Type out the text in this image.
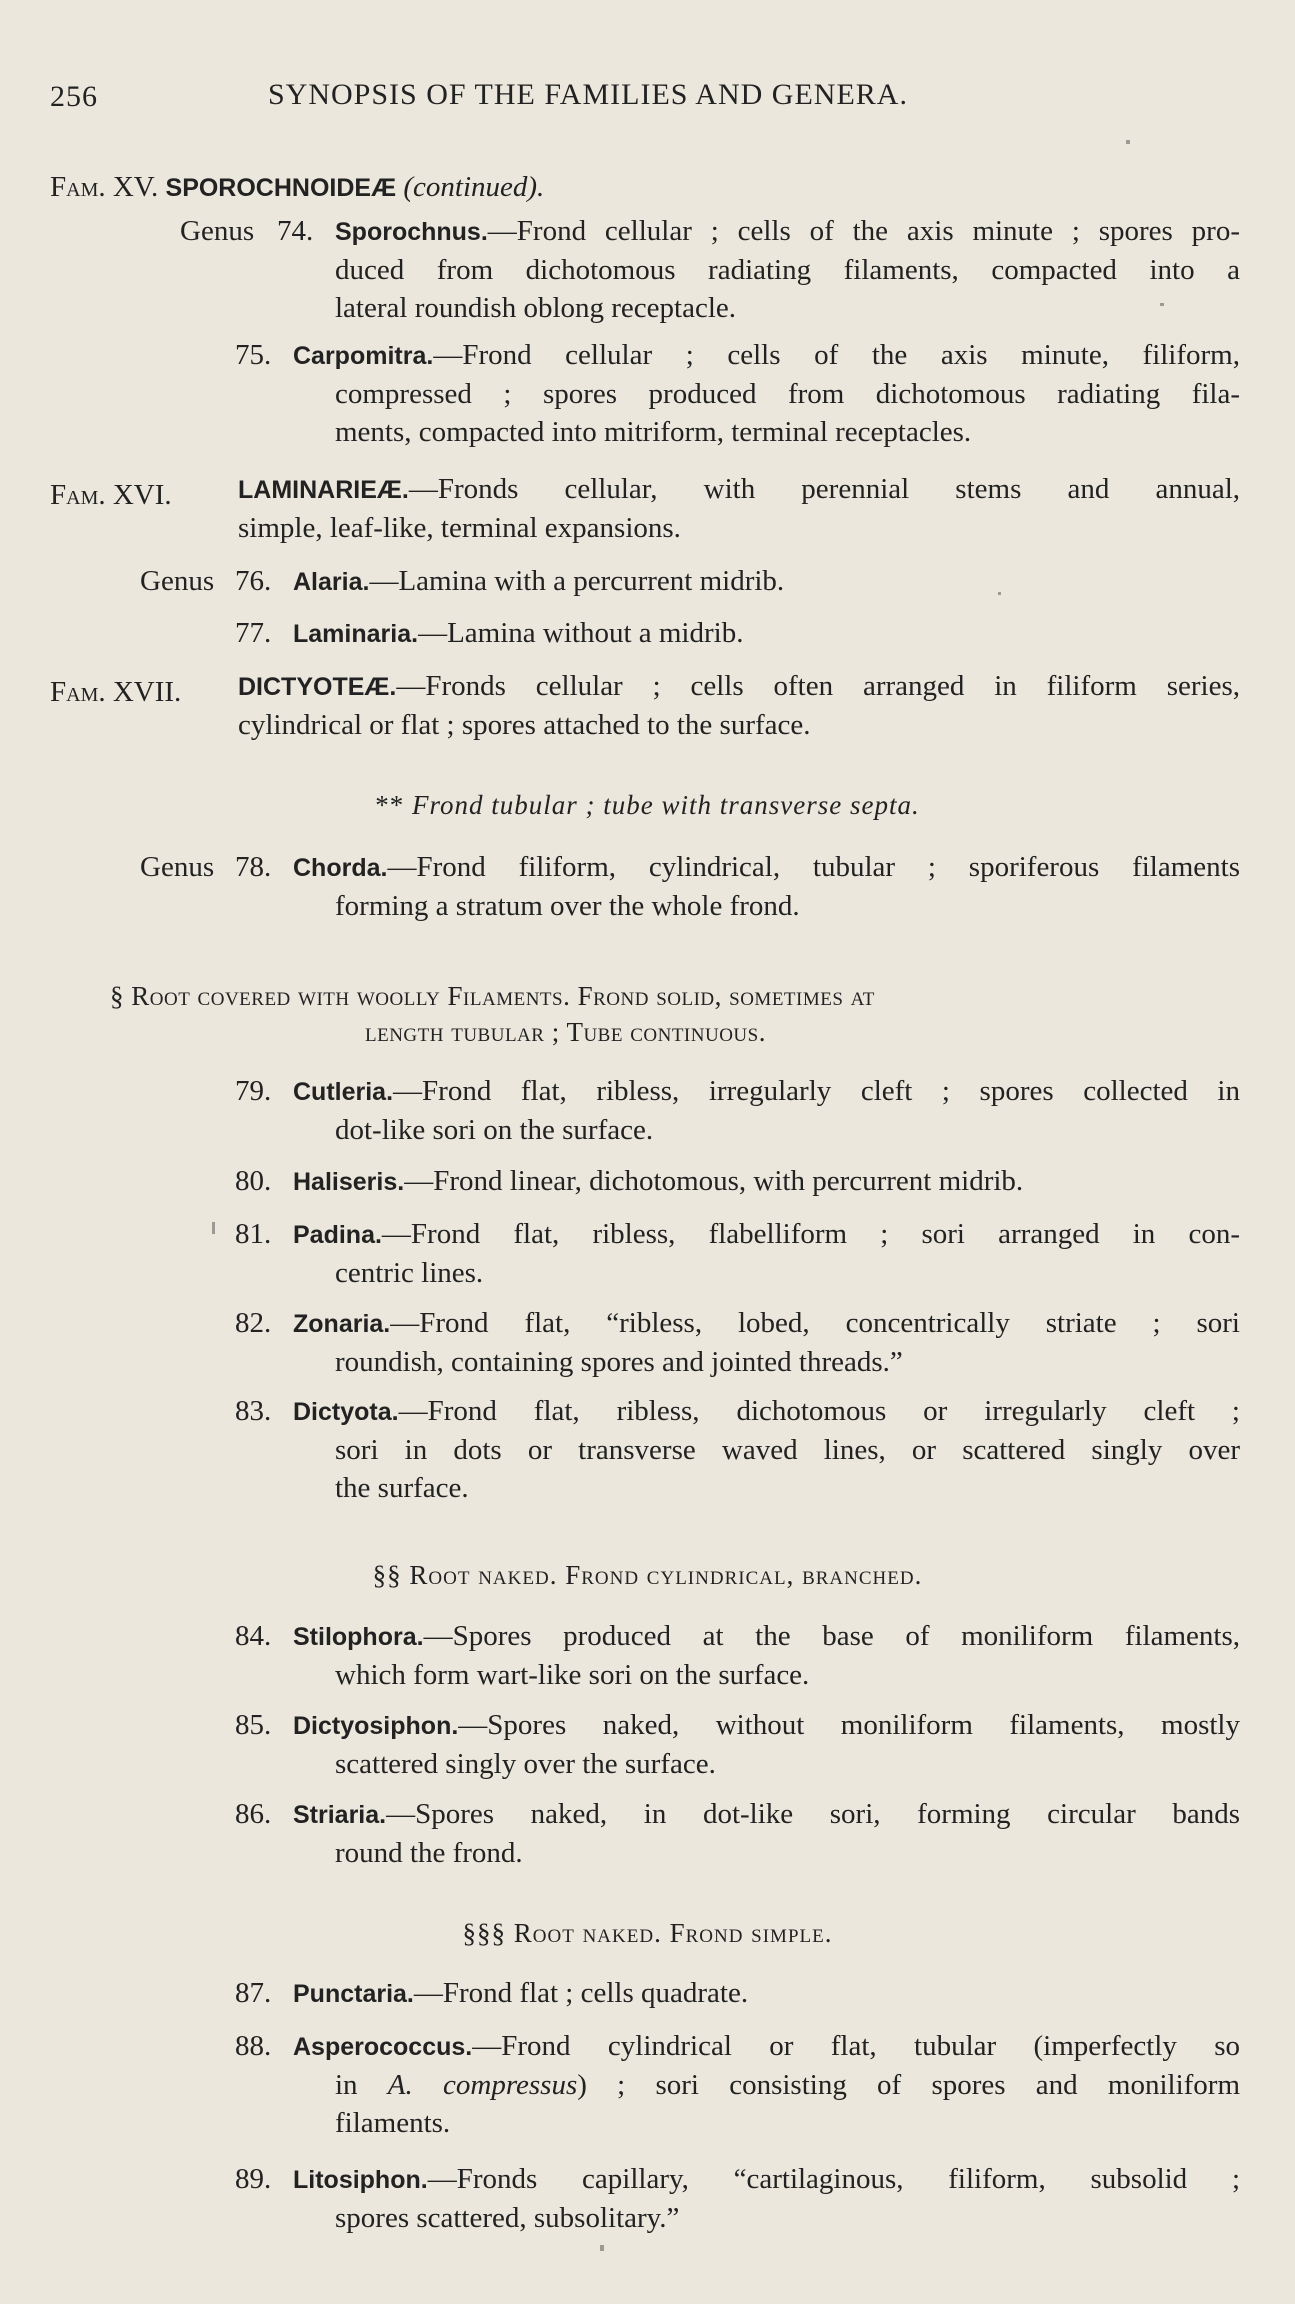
256	SYNOPSIS OF THE FAMILIES AND GENERA.
Fam. XV. SPOROCHNOIDEÆ (continued).
Genus 74. Sporochnus.—Frond cellular ; cells of the axis minute ; spores pro-
duced from dichotomous radiating filaments, compacted into a
lateral roundish oblong receptacle.
75. Carpomitra.—Frond cellular ; cells of the axis minute, filiform,
compressed ; spores produced from dichotomous radiating fila-
ments, compacted into mitriform, terminal receptacles.
Fam. XVI.	LAMINARIEÆ.—Fronds cellular, with perennial stems and annual,
simple, leaf-like, terminal expansions.
Genus 76. Alaria.—Lamina with a percurrent midrib.
77. Laminaria.—Lamina without a midrib.
Fam. XVII. DICTYOTEÆ.—Fronds cellular ; cells often arranged in filiform series,
cylindrical or flat ; spores attached to the surface.
** Frond tubular ; tube with transverse septa.
Genus 78. Chorda.—Frond filiform, cylindrical, tubular ; sporiferous filaments
forming a stratum over the whole frond.
§ Root covered with woolly Filaments. Frond solid, sometimes at
length tubular ; Tube continuous.
79. Cutleria.—Frond flat, ribless, irregularly cleft ; spores collected in
dot-like sori on the surface.
80. Haliseris.—Frond linear, dichotomous, with percurrent midrib.
81. Padina.—Frond flat, ribless, flabelliform ; sori arranged in con-
centric lines.
82. Zonaria.—Frond flat, “ribless, lobed, concentrically striate ; sori
roundish, containing spores and jointed threads.”
83. Dictyota.—Frond flat, ribless, dichotomous or irregularly cleft ;
sori in dots or transverse waved lines, or scattered singly over
the surface.
§§ Root naked. Frond cylindrical, branched.
84. Stilophora.—Spores produced at the base of moniliform filaments,
which form wart-like sori on the surface.
85. Dictyosiphon.—Spores naked, without moniliform filaments, mostly
scattered singly over the surface.
86. Striaria.—Spores naked, in dot-like sori, forming circular bands
round the frond.
§§§ Root naked. Frond simple.
87. Punctaria.—Frond flat ; cells quadrate.
88. Asperococcus.—Frond cylindrical or flat, tubular (imperfectly so
in A. compressus) ; sori consisting of spores and moniliform
filaments.
89. Litosiphon.—Fronds capillary, “cartilaginous, filiform, subsolid ;
spores scattered, subsolitary.”
